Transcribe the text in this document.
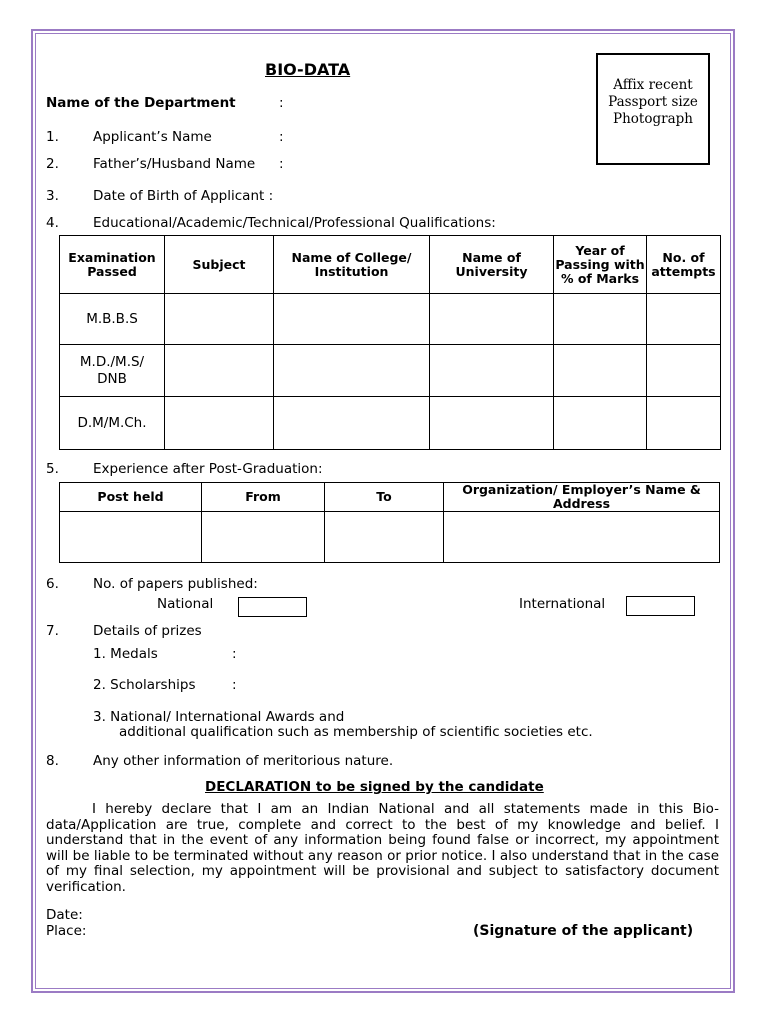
BIO-DATA
Affix recent
Passport size
Photograph
Name of the Department	:
1.	Applicant’s Name	:
2.	Father’s/Husband Name :
3.	Date of Birth of Applicant :
4.	Educational/Academic/Technical/Professional Qualifications:
Examination Passed	Subject	Name of College/ Institution	Name of University	Year of Passing with % of Marks	No. of attempts
M.B.B.S					
M.D./M.S/ DNB					
D.M/M.Ch.					
5.	Experience after Post-Graduation:
Post held	From	To	Organization/ Employer’s Name & Address

6.	No. of papers published:
National	International
7.	Details of prizes
1. Medals	:
2. Scholarships	:
3. National/ International Awards and
additional qualification such as membership of scientific societies etc.
8.	Any other information of meritorious nature.
DECLARATION to be signed by the candidate
I hereby declare that I am an Indian National and all statements made in this Bio-data/Application are true, complete and correct to the best of my knowledge and belief. I understand that in the event of any information being found false or incorrect, my appointment will be liable to be terminated without any reason or prior notice. I also understand that in the case of my final selection, my appointment will be provisional and subject to satisfactory document verification.
Date:
Place:	(Signature of the applicant)
